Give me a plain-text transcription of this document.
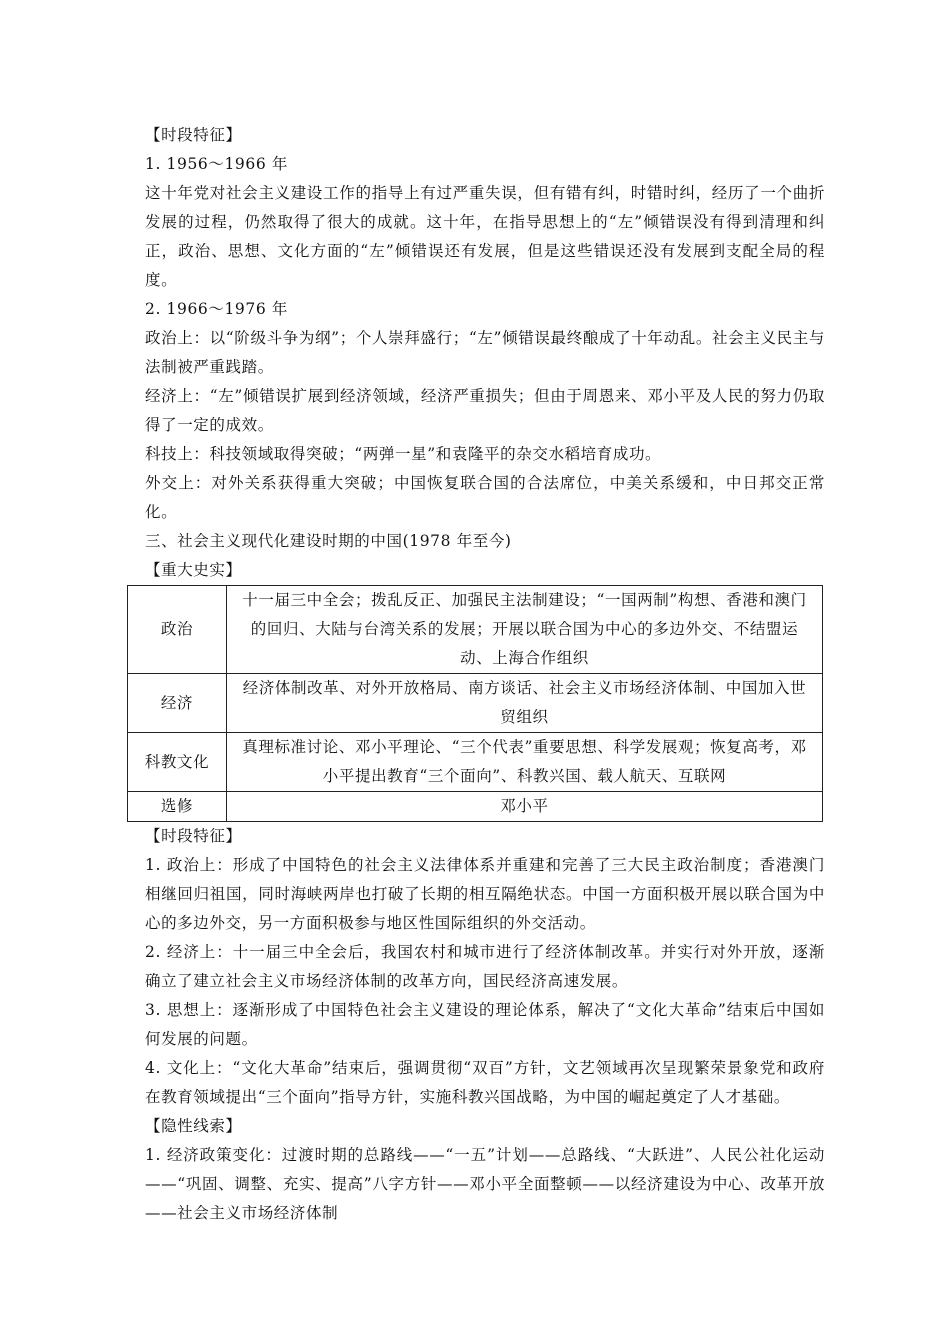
【时段特征】

1. 1956～1966 年

这十年党对社会主义建设工作的指导上有过严重失误，但有错有纠，时错时纠，经历了一个曲折发展的过程，仍然取得了很大的成就。这十年，在指导思想上的“左”倾错误没有得到清理和纠正，政治、思想、文化方面的“左”倾错误还有发展，但是这些错误还没有发展到支配全局的程度。

2. 1966～1976 年

政治上：以“阶级斗争为纲”；个人崇拜盛行；“左”倾错误最终酿成了十年动乱。社会主义民主与法制被严重践踏。

经济上：“左”倾错误扩展到经济领域，经济严重损失；但由于周恩来、邓小平及人民的努力仍取得了一定的成效。

科技上：科技领域取得突破；“两弹一星”和袁隆平的杂交水稻培育成功。

外交上：对外关系获得重大突破；中国恢复联合国的合法席位，中美关系缓和，中日邦交正常化。

三、社会主义现代化建设时期的中国(1978 年至今)

【重大史实】

政治	十一届三中全会；拨乱反正、加强民主法制建设；“一国两制”构想、香港和澳门的回归、大陆与台湾关系的发展；开展以联合国为中心的多边外交、不结盟运动、上海合作组织
经济	经济体制改革、对外开放格局、南方谈话、社会主义市场经济体制、中国加入世贸组织
科教文化	真理标准讨论、邓小平理论、“三个代表”重要思想、科学发展观；恢复高考，邓小平提出教育“三个面向”、科教兴国、载人航天、互联网
选修	邓小平

【时段特征】

1. 政治上：形成了中国特色的社会主义法律体系并重建和完善了三大民主政治制度；香港澳门相继回归祖国，同时海峡两岸也打破了长期的相互隔绝状态。中国一方面积极开展以联合国为中心的多边外交，另一方面积极参与地区性国际组织的外交活动。

2. 经济上：十一届三中全会后，我国农村和城市进行了经济体制改革。并实行对外开放，逐渐确立了建立社会主义市场经济体制的改革方向，国民经济高速发展。

3. 思想上：逐渐形成了中国特色社会主义建设的理论体系，解决了“文化大革命”结束后中国如何发展的问题。

4. 文化上：“文化大革命”结束后，强调贯彻“双百”方针，文艺领域再次呈现繁荣景象党和政府在教育领域提出“三个面向”指导方针，实施科教兴国战略，为中国的崛起奠定了人才基础。

【隐性线索】

1. 经济政策变化：过渡时期的总路线——“一五”计划——总路线、“大跃进”、人民公社化运动——“巩固、调整、充实、提高”八字方针——邓小平全面整顿——以经济建设为中心、改革开放——社会主义市场经济体制
